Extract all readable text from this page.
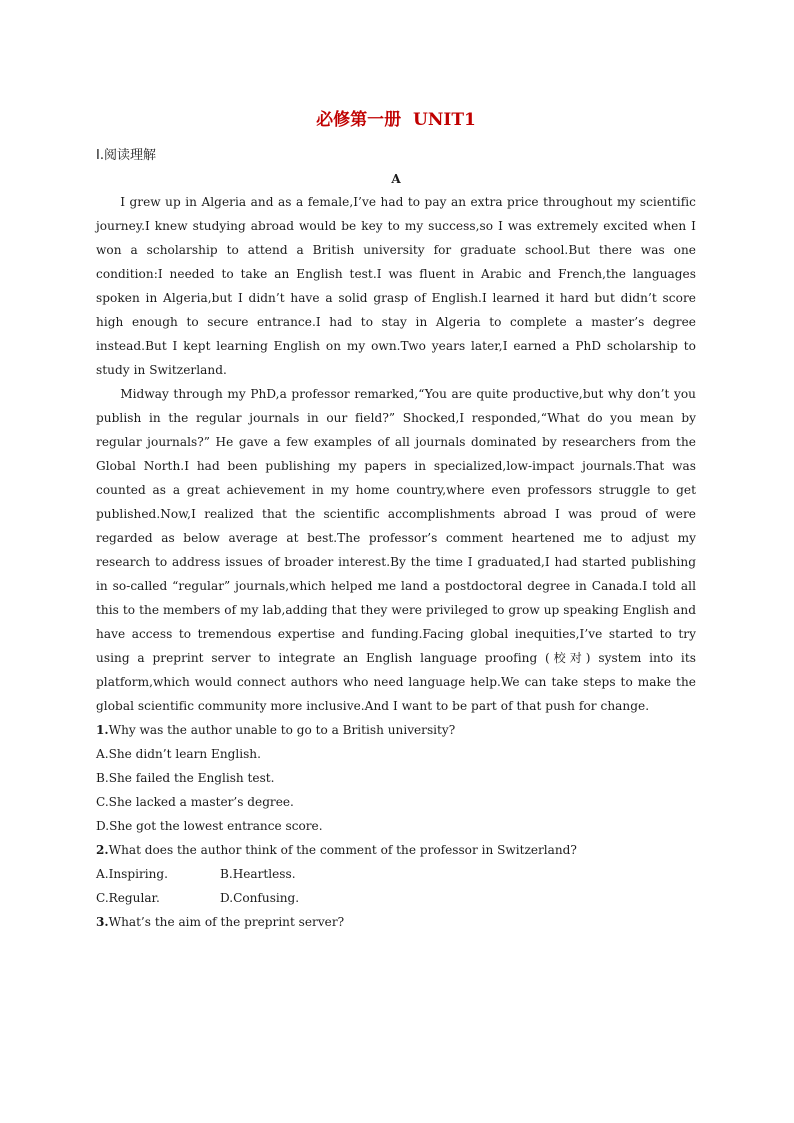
必修第一册  UNIT1
Ⅰ.阅读理解
A

I grew up in Algeria and as a female,I’ve had to pay an extra price throughout my scientific journey.I knew studying abroad would be key to my success,so I was extremely excited when I won a scholarship to attend a British university for graduate school.But there was one condition:I needed to take an English test.I was fluent in Arabic and French,the languages spoken in Algeria,but I didn’t have a solid grasp of English.I learned it hard but didn’t score high enough to secure entrance.I had to stay in Algeria to complete a master’s degree instead.But I kept learning English on my own.Two years later,I earned a PhD scholarship to study in Switzerland.

Midway through my PhD,a professor remarked,“You are quite productive,but why don’t you publish in the regular journals in our field?” Shocked,I responded,“What do you mean by regular journals?” He gave a few examples of all journals dominated by researchers from the Global North.I had been publishing my papers in specialized,low-impact journals.That was counted as a great achievement in my home country,where even professors struggle to get published.Now,I realized that the scientific accomplishments abroad I was proud of were regarded as below average at best.The professor’s comment heartened me to adjust my research to address issues of broader interest.By the time I graduated,I had started publishing in so-called “regular” journals,which helped me land a postdoctoral degree in Canada.I told all this to the members of my lab,adding that they were privileged to grow up speaking English and have access to tremendous expertise and funding.Facing global inequities,I’ve started to try using a preprint server to integrate an English language proofing (校对) system into its platform,which would connect authors who need language help.We can take steps to make the global scientific community more inclusive.And I want to be part of that push for change.

1.Why was the author unable to go to a British university?

A.She didn’t learn English.

B.She failed the English test.

C.She lacked a master’s degree.

D.She got the lowest entrance score.

2.What does the author think of the comment of the professor in Switzerland?

A.Inspiring.	B.Heartless.

C.Regular.	D.Confusing.

3.What’s the aim of the preprint server?
